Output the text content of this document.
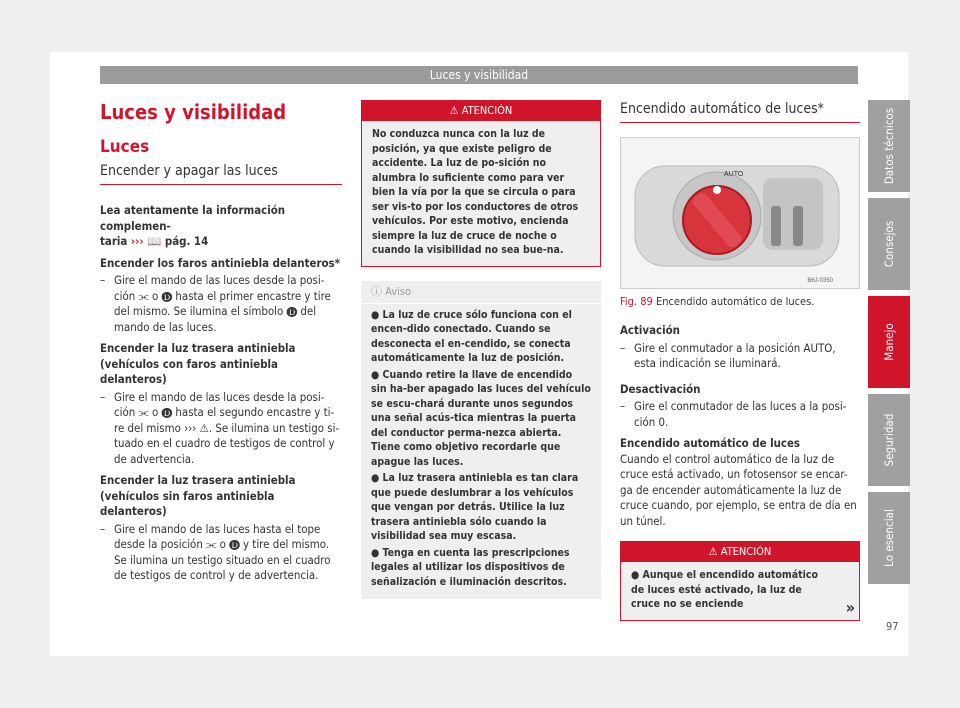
Luces y visibilidad
Datos técnicos
Consejos
Manejo
Seguridad
Lo esencial
Luces y visibilidad
Luces
Encender y apagar las luces
Lea atentamente la información complemen-
taria ››› 📖 pág. 14
Encender los faros antiniebla delanteros*
– Gire el mando de las luces desde la posi-ción ⫘ o 🅓 hasta el primer encastre y tire del mismo. Se ilumina el símbolo 🅓 del mando de las luces.
Encender la luz trasera antiniebla (vehículos con faros antiniebla delanteros)
– Gire el mando de las luces desde la posi-ción ⫘ o 🅓 hasta el segundo encastre y ti-re del mismo ››› ⚠. Se ilumina un testigo si-tuado en el cuadro de testigos de control y de advertencia.
Encender la luz trasera antiniebla (vehículos sin faros antiniebla delanteros)
– Gire el mando de las luces hasta el tope desde la posición ⫘ o 🅓 y tire del mismo. Se ilumina un testigo situado en el cuadro de testigos de control y de advertencia.
⚠ ATENCIÓN
No conduzca nunca con la luz de posición, ya que existe peligro de accidente. La luz de po-sición no alumbra lo suficiente como para ver bien la vía por la que se circula o para ser vis-to por los conductores de otros vehículos. Por este motivo, encienda siempre la luz de cruce de noche o cuando la visibilidad no sea bue-na.
ⓘ Aviso

● La luz de cruce sólo funciona con el encen-dido conectado. Cuando se desconecta el en-cendido, se conecta automáticamente la luz de posición.

● Cuando retire la llave de encendido sin ha-ber apagado las luces del vehículo se escu-chará durante unos segundos una señal acús-tica mientras la puerta del conductor perma-nezca abierta. Tiene como objetivo recordarle que apague las luces.

● La luz trasera antiniebla es tan clara que puede deslumbrar a los vehículos que vengan por detrás. Utilice la luz trasera antiniebla sólo cuando la visibilidad sea muy escasa.

● Tenga en cuenta las prescripciones legales al utilizar los dispositivos de señalización e iluminación descritos.

Encendido automático de luces*
AUTO
B6J-0350
Fig. 89 Encendido automático de luces.
Activación
– Gire el conmutador a la posición AUTO, esta indicación se iluminará.
Desactivación
– Gire el conmutador de las luces a la posi-ción 0.
Encendido automático de luces
Cuando el control automático de la luz de cruce está activado, un fotosensor se encar-ga de encender automáticamente la luz de cruce cuando, por ejemplo, se entra de día en un túnel.
⚠ ATENCIÓN
● Aunque el encendido automático de luces esté activado, la luz de cruce no se enciende	»
97
